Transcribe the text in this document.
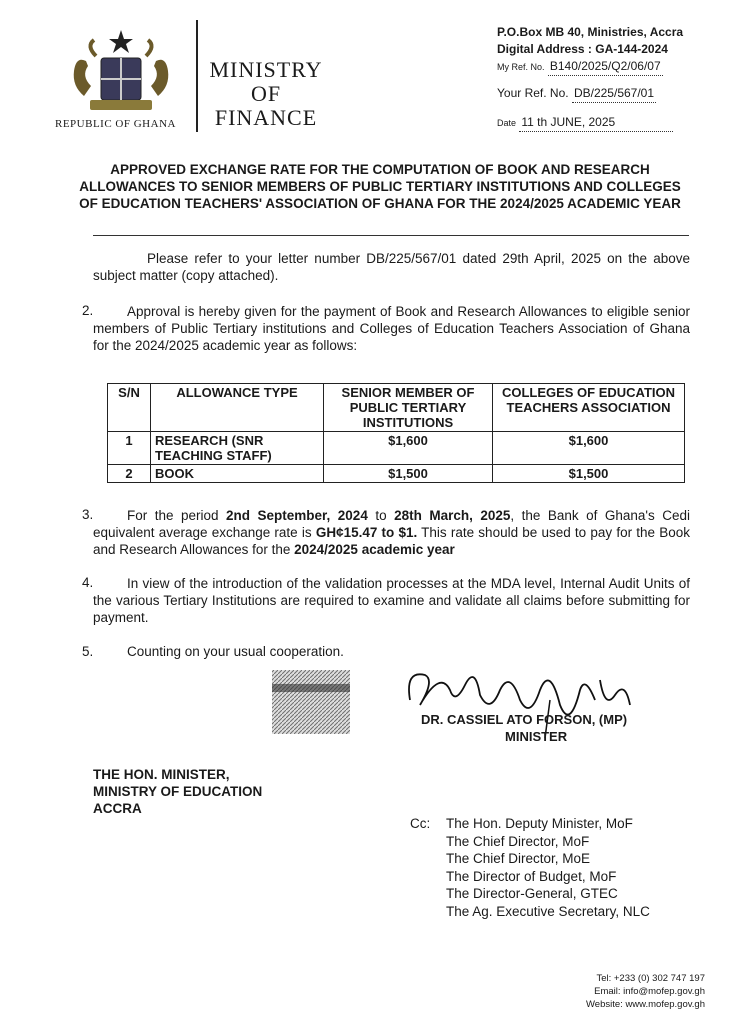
REPUBLIC OF GHANA
MINISTRY
OF
FINANCE
P.O.Box MB 40, Ministries, Accra
Digital Address : GA-144-2024
My Ref. No. B140/2025/Q2/06/07
Your Ref. No. DB/225/567/01
Date 11 th JUNE, 2025
APPROVED EXCHANGE RATE FOR THE COMPUTATION OF BOOK AND RESEARCH ALLOWANCES TO SENIOR MEMBERS OF PUBLIC TERTIARY INSTITUTIONS AND COLLEGES OF EDUCATION TEACHERS' ASSOCIATION OF GHANA FOR THE 2024/2025 ACADEMIC YEAR
Please refer to your letter number DB/225/567/01 dated 29th April, 2025 on the above subject matter (copy attached).
2.	Approval is hereby given for the payment of Book and Research Allowances to eligible senior members of Public Tertiary institutions and Colleges of Education Teachers Association of Ghana for the 2024/2025 academic year as follows:
S/N	ALLOWANCE TYPE	SENIOR MEMBER OF PUBLIC TERTIARY INSTITUTIONS	COLLEGES OF EDUCATION TEACHERS ASSOCIATION
1	RESEARCH (SNR TEACHING STAFF)	$1,600	$1,600
2	BOOK	$1,500	$1,500
3.	For the period 2nd September, 2024 to 28th March, 2025, the Bank of Ghana's Cedi equivalent average exchange rate is GH¢15.47 to $1. This rate should be used to pay for the Book and Research Allowances for the 2024/2025 academic year
4.	In view of the introduction of the validation processes at the MDA level, Internal Audit Units of the various Tertiary Institutions are required to examine and validate all claims before submitting for payment.
5. Counting on your usual cooperation.
DR. CASSIEL ATO FORSON, (MP)
MINISTER
THE HON. MINISTER,
MINISTRY OF EDUCATION
ACCRA
Cc: The Hon. Deputy Minister, MoF
The Chief Director, MoF
The Chief Director, MoE
The Director of Budget, MoF
The Director-General, GTEC
The Ag. Executive Secretary, NLC
Tel: +233 (0) 302 747 197
Email: info@mofep.gov.gh
Website: www.mofep.gov.gh
